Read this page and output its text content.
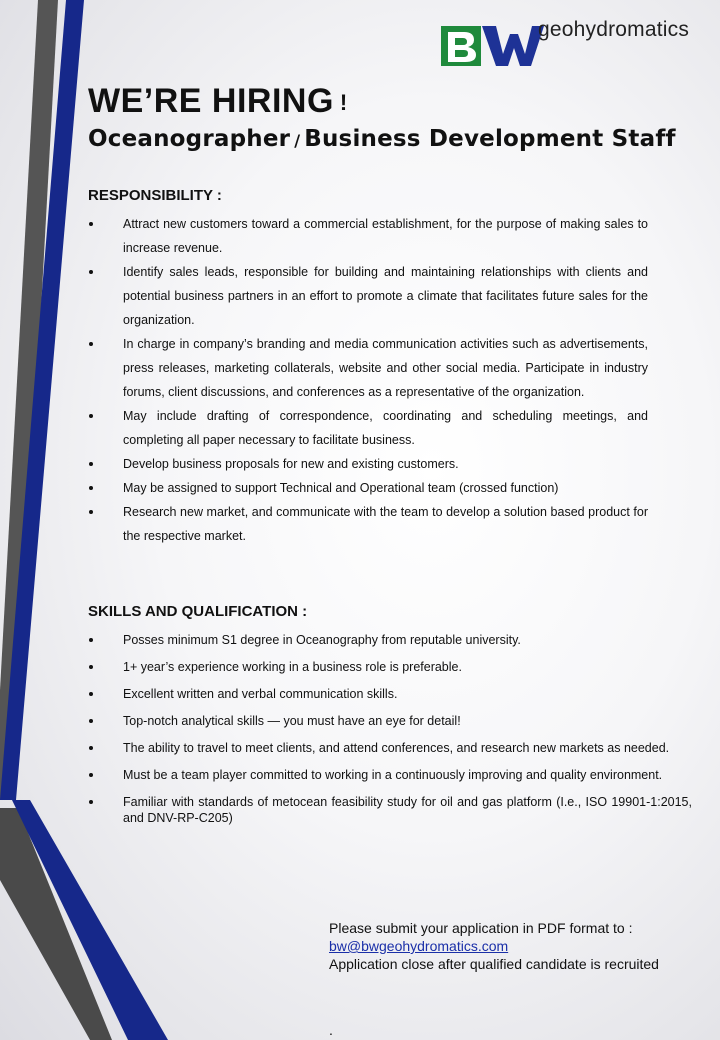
geohydromatics
WE’RE HIRING !
Oceanographer / Business Development Staff
RESPONSIBILITY :
Attract new customers toward a commercial establishment, for the purpose of making sales to increase revenue.
Identify sales leads, responsible for building and maintaining relationships with clients and potential business partners in an effort to promote a climate that facilitates future sales for the organization.
In charge in company’s branding and media communication activities such as advertisements, press releases, marketing collaterals, website and other social media. Participate in industry forums, client discussions, and conferences as a representative of the organization.
May include drafting of correspondence, coordinating and scheduling meetings, and completing all paper necessary to facilitate business.
Develop business proposals for new and existing customers.
May be assigned to support Technical and Operational team (crossed function)
Research new market, and communicate with the team to develop a solution based product for the respective market.
SKILLS AND QUALIFICATION :
Posses minimum S1 degree in Oceanography from reputable university.
1+ year’s experience working in a business role is preferable.
Excellent written and verbal communication skills.
Top-notch analytical skills — you must have an eye for detail!
The ability to travel to meet clients, and attend conferences, and research new markets as needed.
Must be a team player committed to working in a continuously improving and quality environment.
Familiar with standards of metocean feasibility study for oil and gas platform (I.e., ISO 19901-1:2015, and DNV-RP-C205)
Please submit your application in PDF format to :
bw@bwgeohydromatics.com
Application close after qualified candidate is recruited
.
